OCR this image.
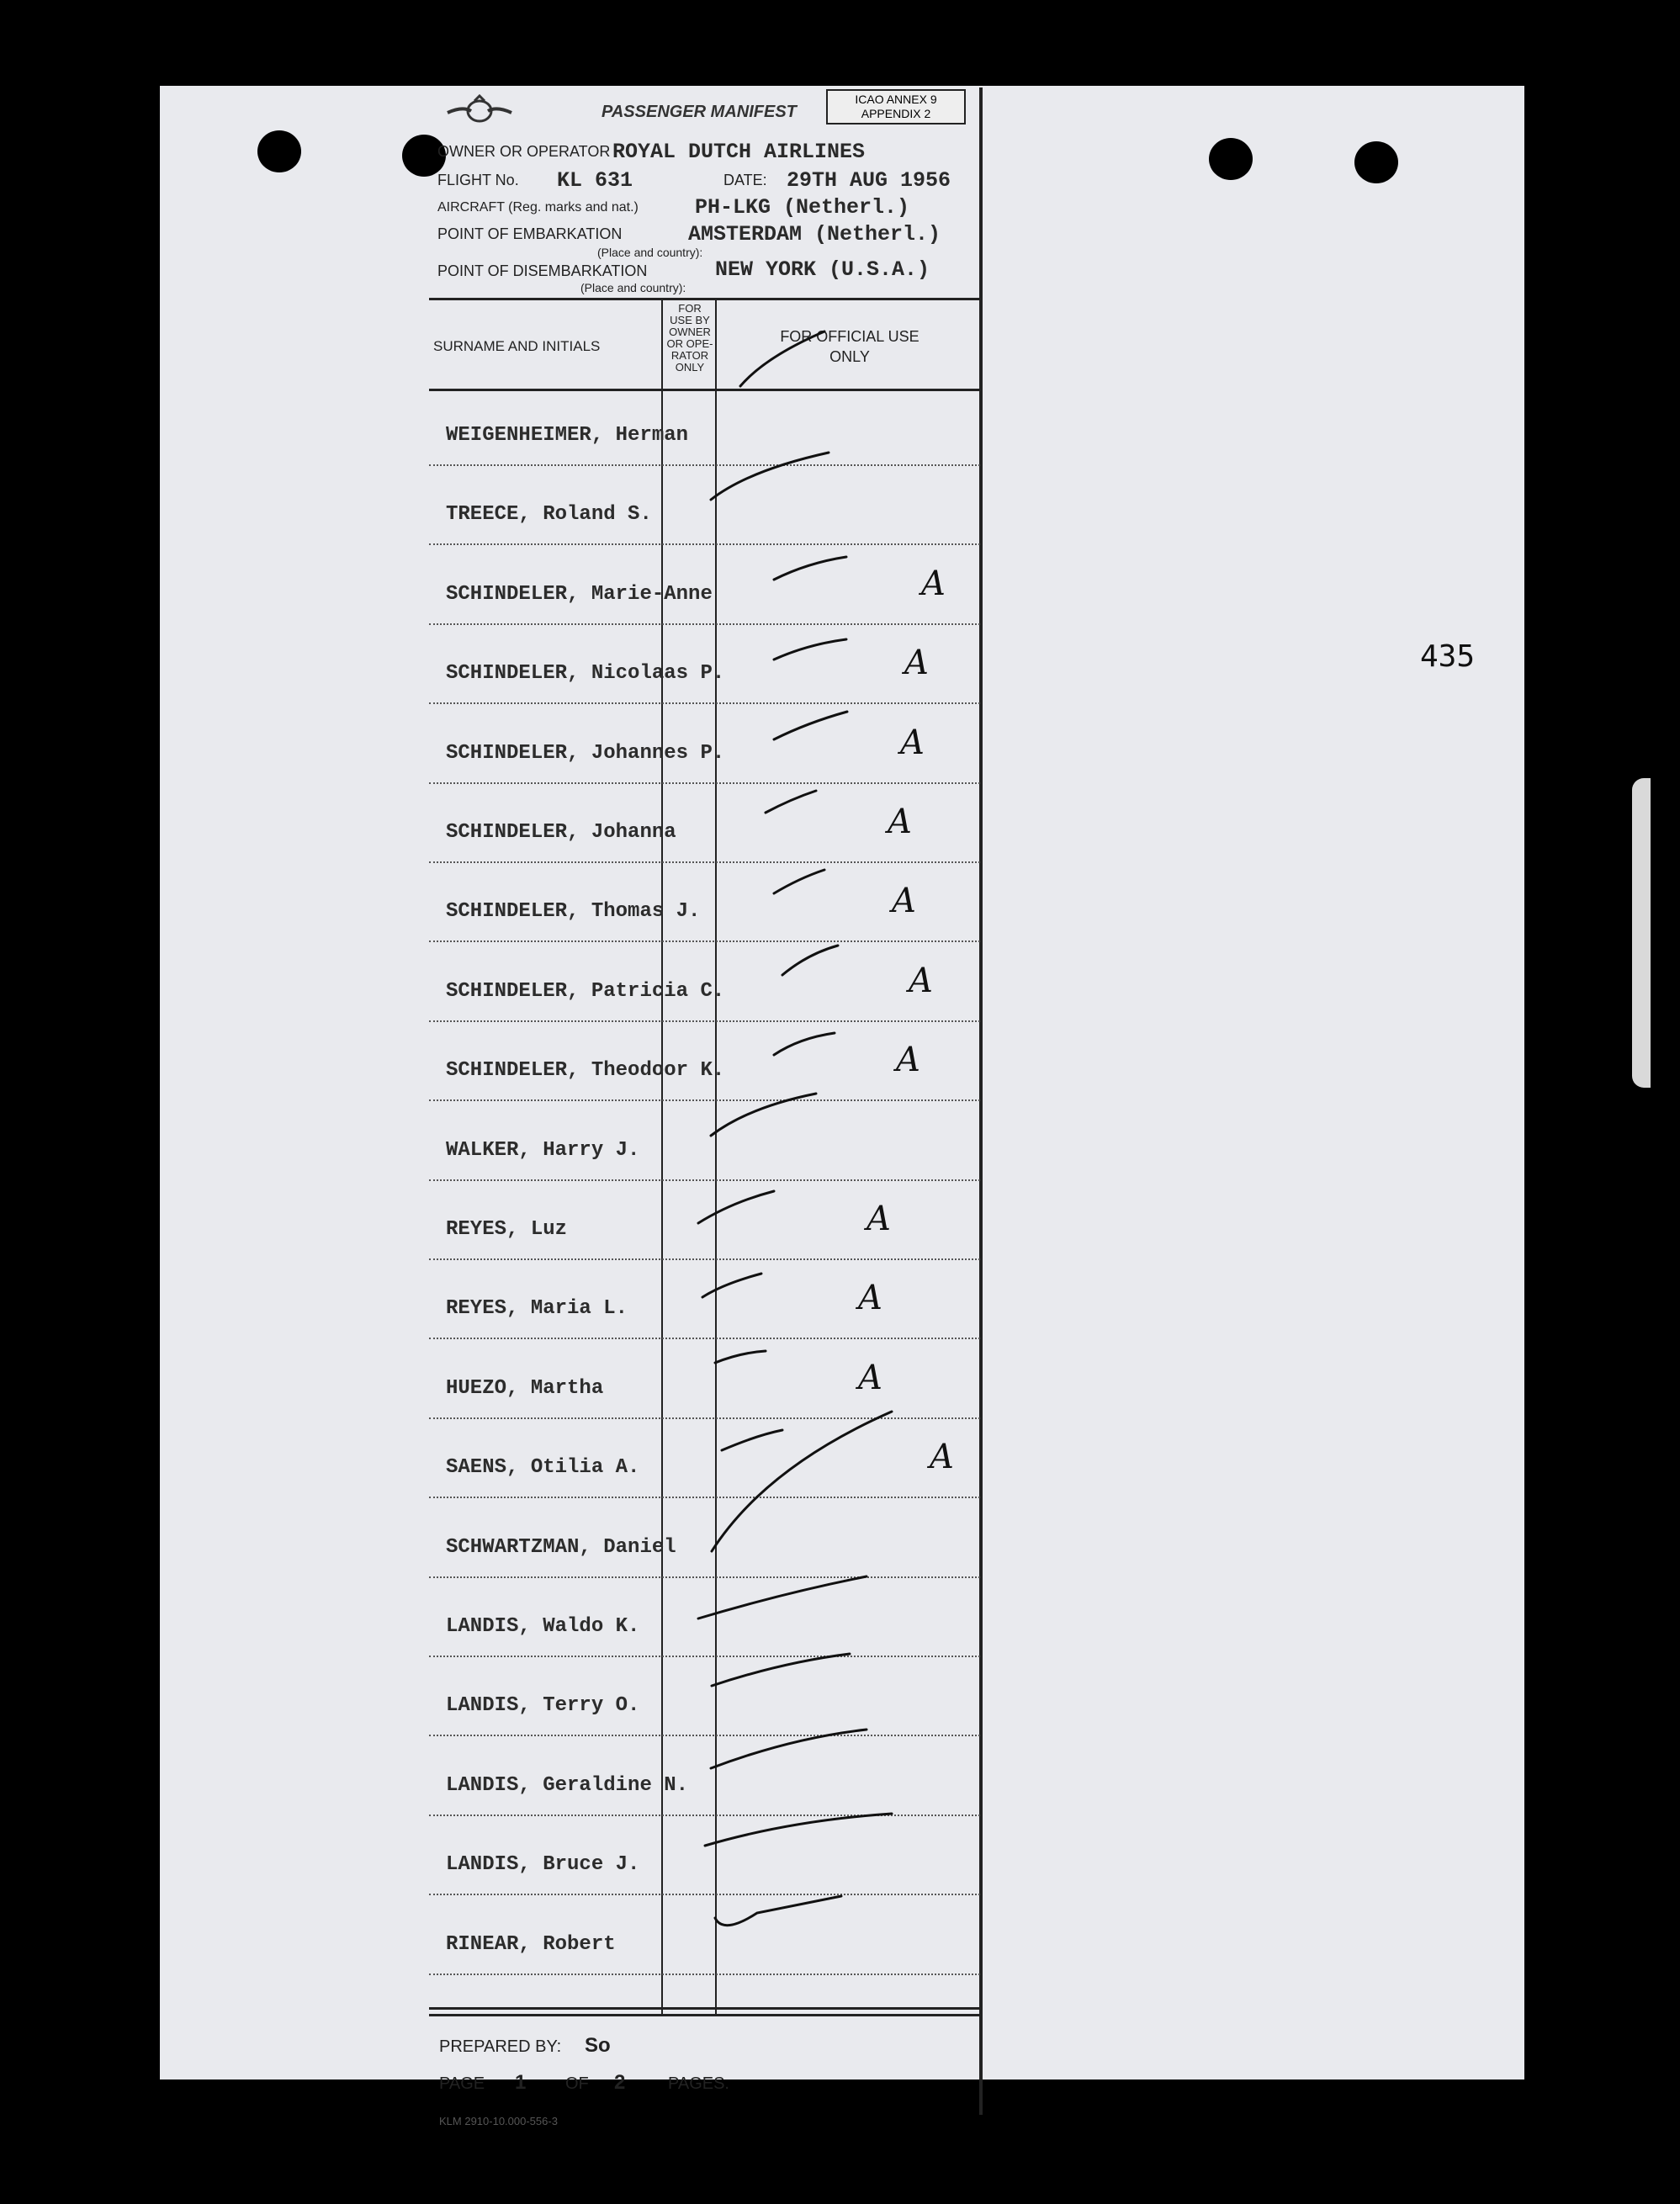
435
PASSENGER MANIFEST
ICAO ANNEX 9
APPENDIX 2
OWNER OR OPERATOR ROYAL DUTCH AIRLINES
FLIGHT No. KL 631	DATE: 29TH AUG 1956
AIRCRAFT (Reg. marks and nat.)	PH-LKG (Netherl.)
POINT OF EMBARKATION	AMSTERDAM (Netherl.)
(Place and country):
POINT OF DISEMBARKATION	NEW YORK (U.S.A.)
(Place and country):
SURNAME AND INITIALS
FOR USE BY OWNER OR OPE- RATOR ONLY
FOR OFFICIAL USE ONLY
WEIGENHEIMER, Herman
TREECE, Roland S.
SCHINDELER, Marie-Anne	A
SCHINDELER, Nicolaas P.	A
SCHINDELER, Johannes P.	A
SCHINDELER, Johanna	A
SCHINDELER, Thomas J.	A
SCHINDELER, Patricia C.	A
SCHINDELER, Theodoor K.	A
WALKER, Harry J.
REYES, Luz	A
REYES, Maria L.	A
HUEZO, Martha	A
SAENS, Otilia A.	A
SCHWARTZMAN, Daniel
LANDIS, Waldo K.
LANDIS, Terry O.
LANDIS, Geraldine N.
LANDIS, Bruce J.
RINEAR, Robert
PREPARED BY: So
PAGE 1 OF 2	PAGES.
KLM 2910-10.000-556-3
